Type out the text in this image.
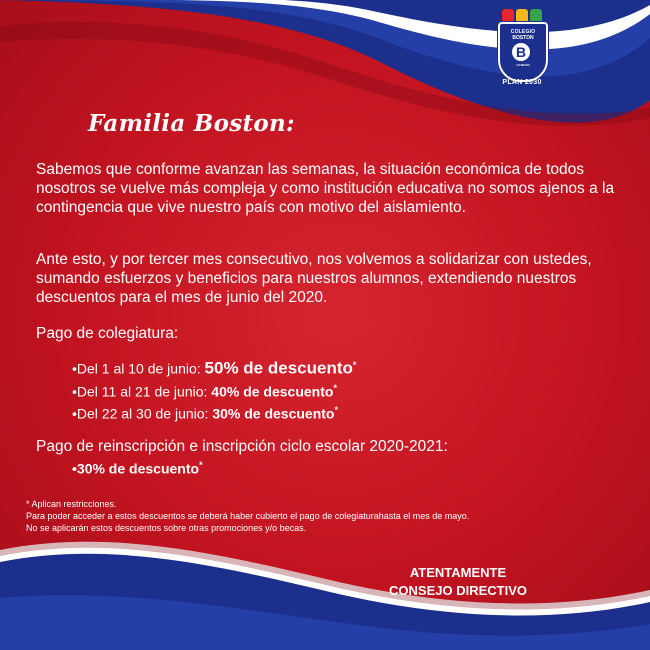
COLEGIO
BOSTON
B
CANCÚN
PLAN 2030
Familia Boston:

Sabemos que conforme avanzan las semanas, la situación económica de todos nosotros se vuelve más compleja y como institución educativa no somos ajenos a la contingencia que vive nuestro país con motivo del aislamiento.

Ante esto, y por tercer mes consecutivo, nos volvemos a solidarizar con ustedes, sumando esfuerzos y beneficios para nuestros alumnos, extendiendo nuestros descuentos para el mes de junio del 2020.

Pago de colegiatura:

•Del 1 al 10 de junio: 50% de descuento*
•Del 11 al 21 de junio: 40% de descuento*
•Del 22 al 30 de junio: 30% de descuento*

Pago de reinscripción e inscripción ciclo escolar 2020-2021:

•30% de descuento*
* Aplican restricciones.
Para poder acceder a estos descuentos se deberá haber cubierto el pago de colegiaturahasta el mes de mayo.
No se aplicarán estos descuentos sobre otras promociones y/o becas.
ATENTAMENTE
CONSEJO DIRECTIVO
